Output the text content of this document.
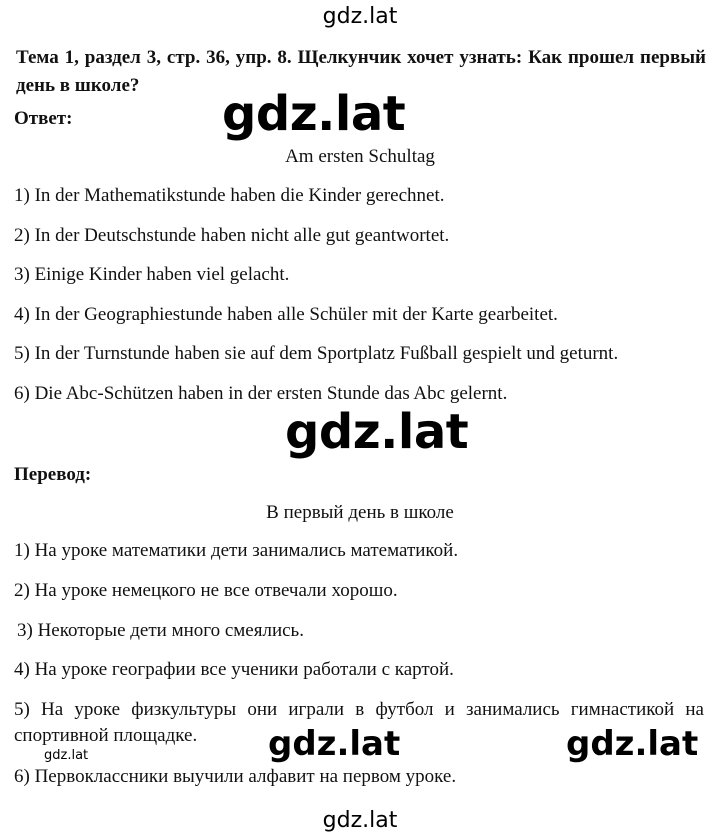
gdz.lat
Тема 1, раздел 3, стр. 36, упр. 8. Щелкунчик хочет узнать: Как прошел первый день в школе?
Ответ:	gdz.lat
Am ersten Schultag
1) In der Mathematikstunde haben die Kinder gerechnet.
2) In der Deutschstunde haben nicht alle gut geantwortet.
3) Einige Kinder haben viel gelacht.
4) In der Geographiestunde haben alle Schüler mit der Karte gearbeitet.
5) In der Turnstunde haben sie auf dem Sportplatz Fußball gespielt und geturnt.
6) Die Abc-Schützen haben in der ersten Stunde das Abc gelernt.
gdz.lat
Перевод:
В первый день в школе
1) На уроке математики дети занимались математикой.
2) На уроке немецкого не все отвечали хорошо.
3) Некоторые дети много смеялись.
4) На уроке географии все ученики работали с картой.
5) На уроке физкультуры они играли в футбол и занимались гимнастикой на спортивной площадке.
gdz.lat	gdz.lat	gdz.lat
6) Первоклассники выучили алфавит на первом уроке.
gdz.lat
